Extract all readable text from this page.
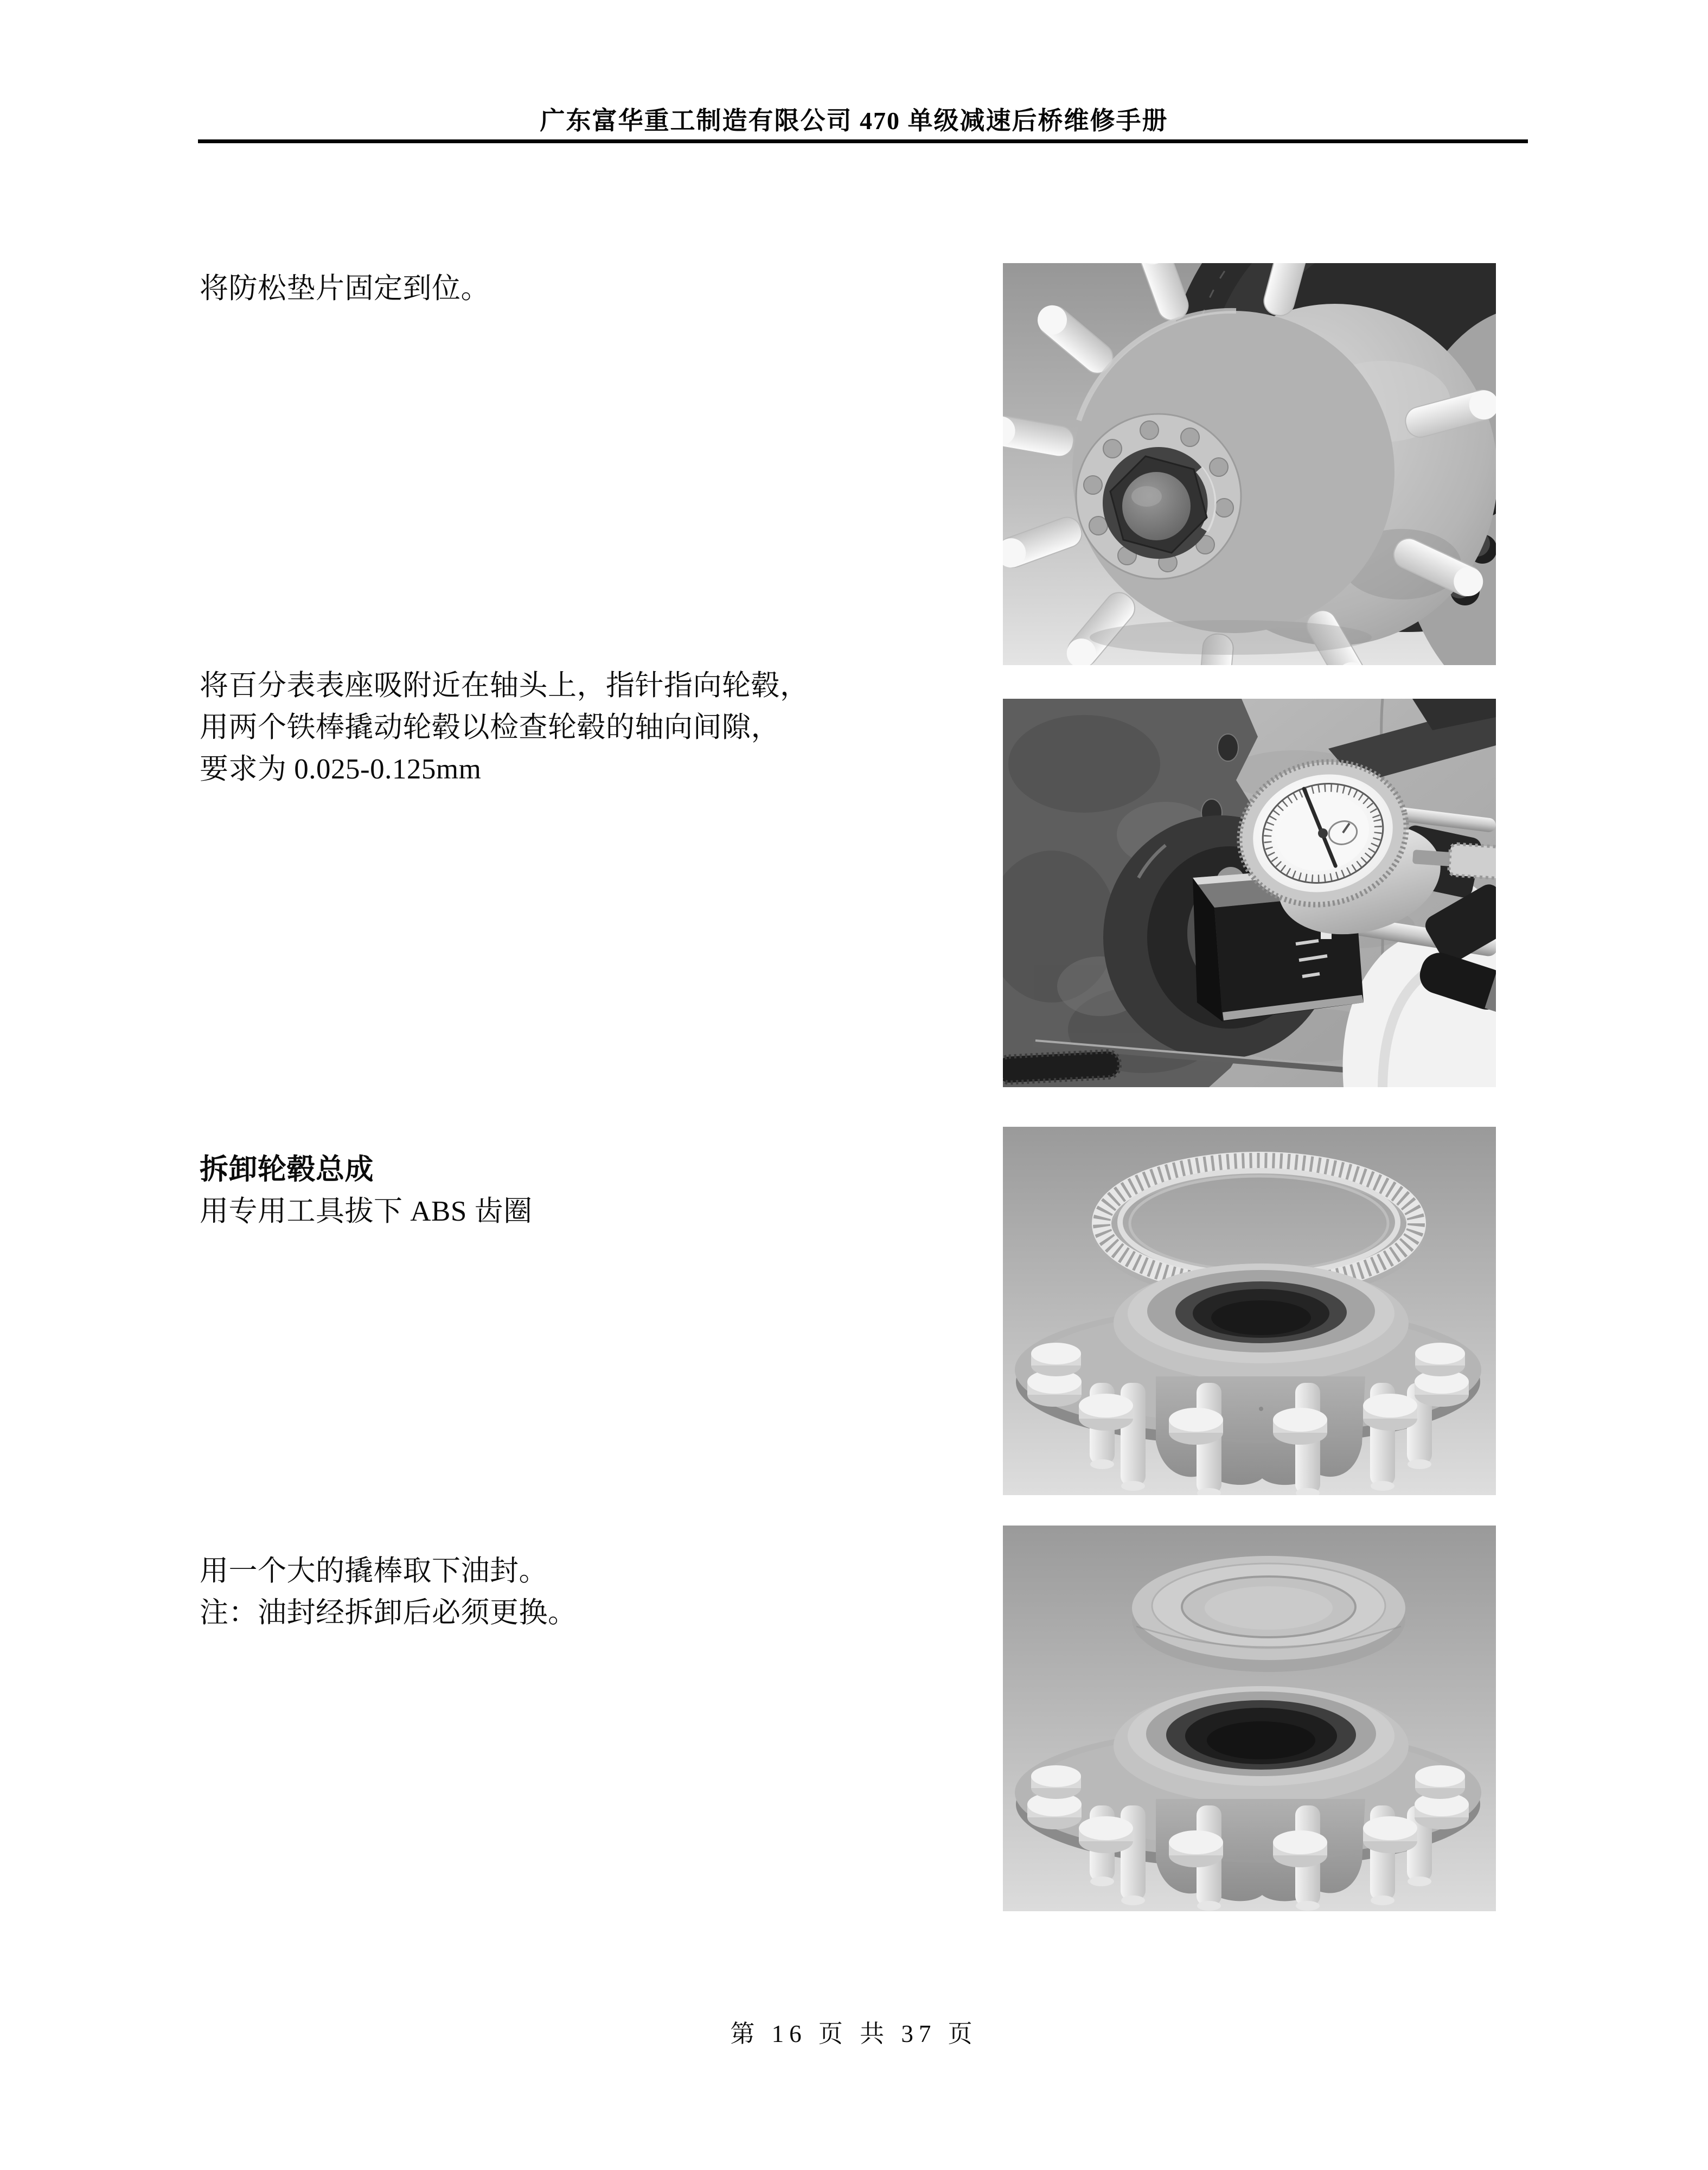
广东富华重工制造有限公司 470 单级减速后桥维修手册
将防松垫片固定到位。
将百分表表座吸附近在轴头上，指针指向轮毂，
用两个铁棒撬动轮毂以检查轮毂的轴向间隙，
要求为 0.025-0.125mm
拆卸轮毂总成
用专用工具拔下 ABS 齿圈
用一个大的撬棒取下油封。
注：油封经拆卸后必须更换。
第 16 页 共 37 页
